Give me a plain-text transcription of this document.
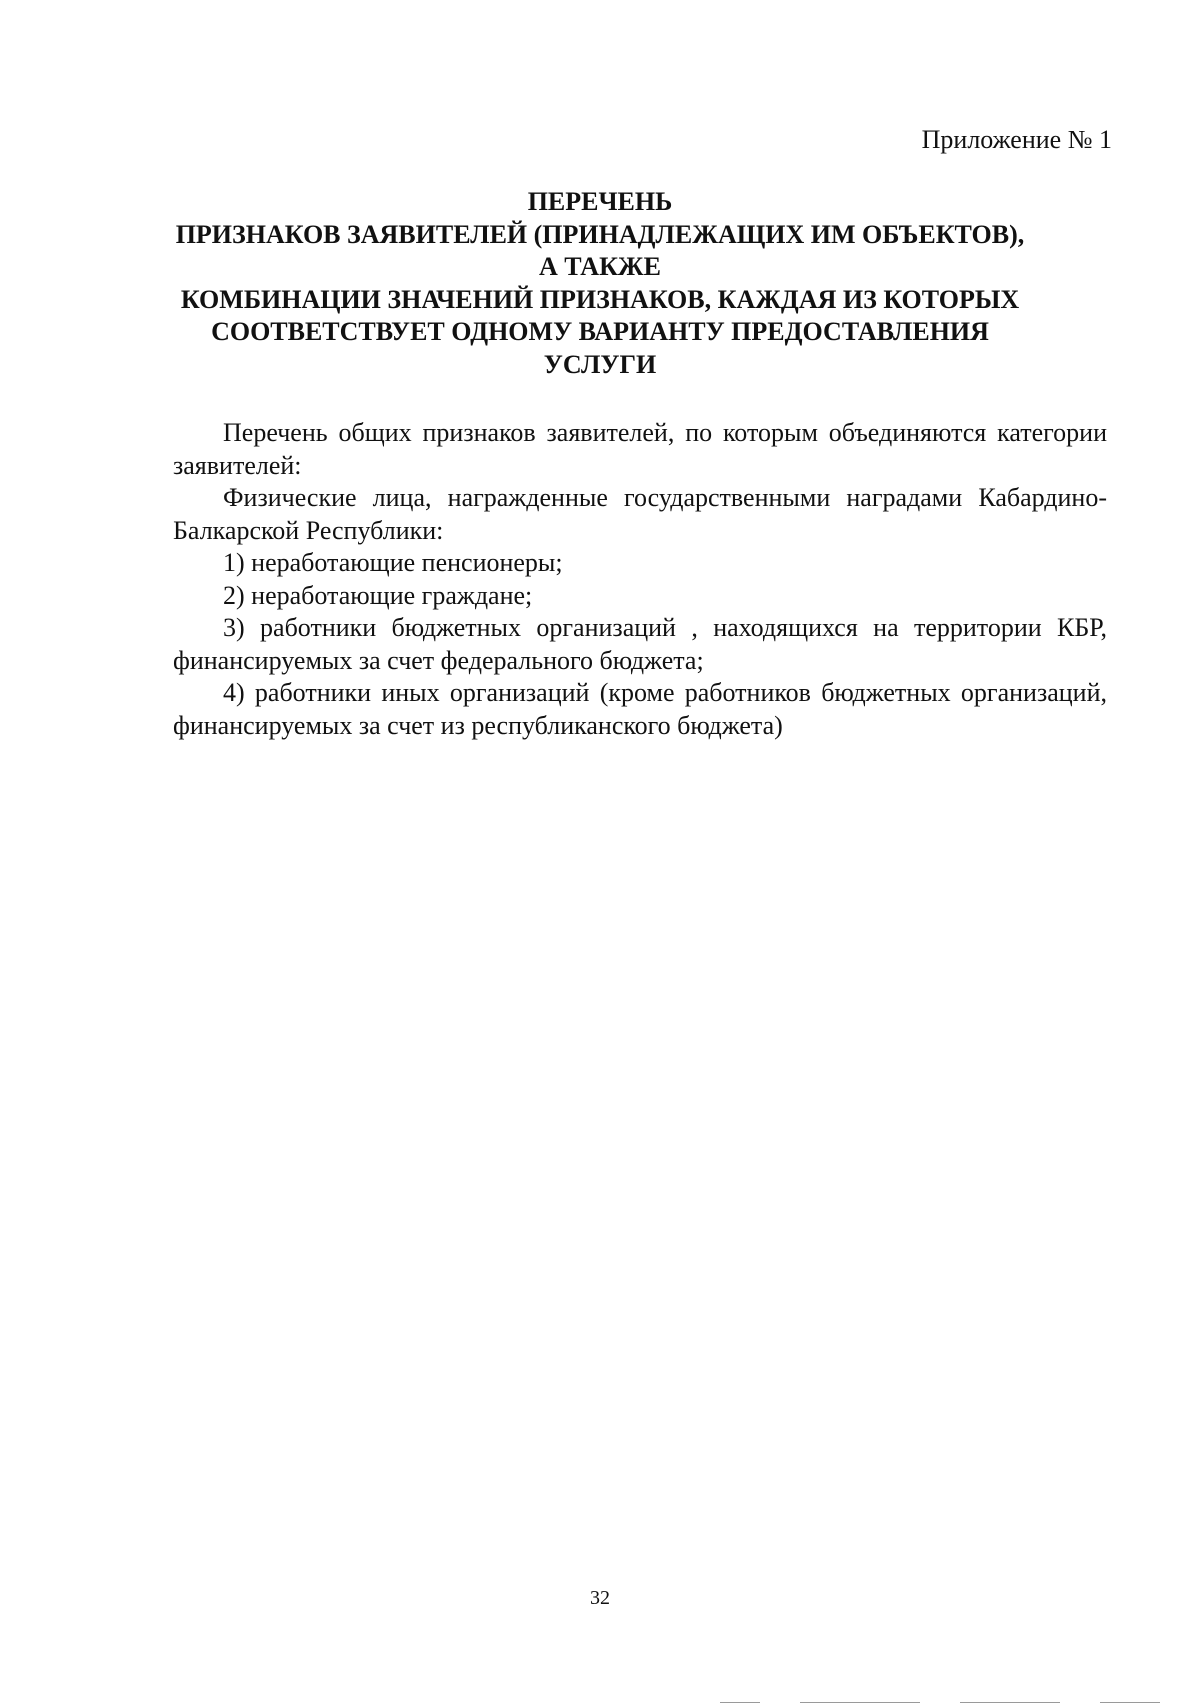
Приложение № 1
ПЕРЕЧЕНЬ
ПРИЗНАКОВ ЗАЯВИТЕЛЕЙ (ПРИНАДЛЕЖАЩИХ ИМ ОБЪЕКТОВ),
А ТАКЖЕ
КОМБИНАЦИИ ЗНАЧЕНИЙ ПРИЗНАКОВ, КАЖДАЯ ИЗ КОТОРЫХ
СООТВЕТСТВУЕТ ОДНОМУ ВАРИАНТУ ПРЕДОСТАВЛЕНИЯ
УСЛУГИ

Перечень общих признаков заявителей, по которым объединяются категории заявителей:

Физические лица, награжденные государственными наградами Кабардино-Балкарской Республики:

1) неработающие пенсионеры;

2) неработающие граждане;

3) работники бюджетных организаций , находящихся на территории КБР, финансируемых за счет федерального бюджета;

4) работники иных организаций (кроме работников бюджетных организаций, финансируемых за счет из республиканского бюджета)

32
